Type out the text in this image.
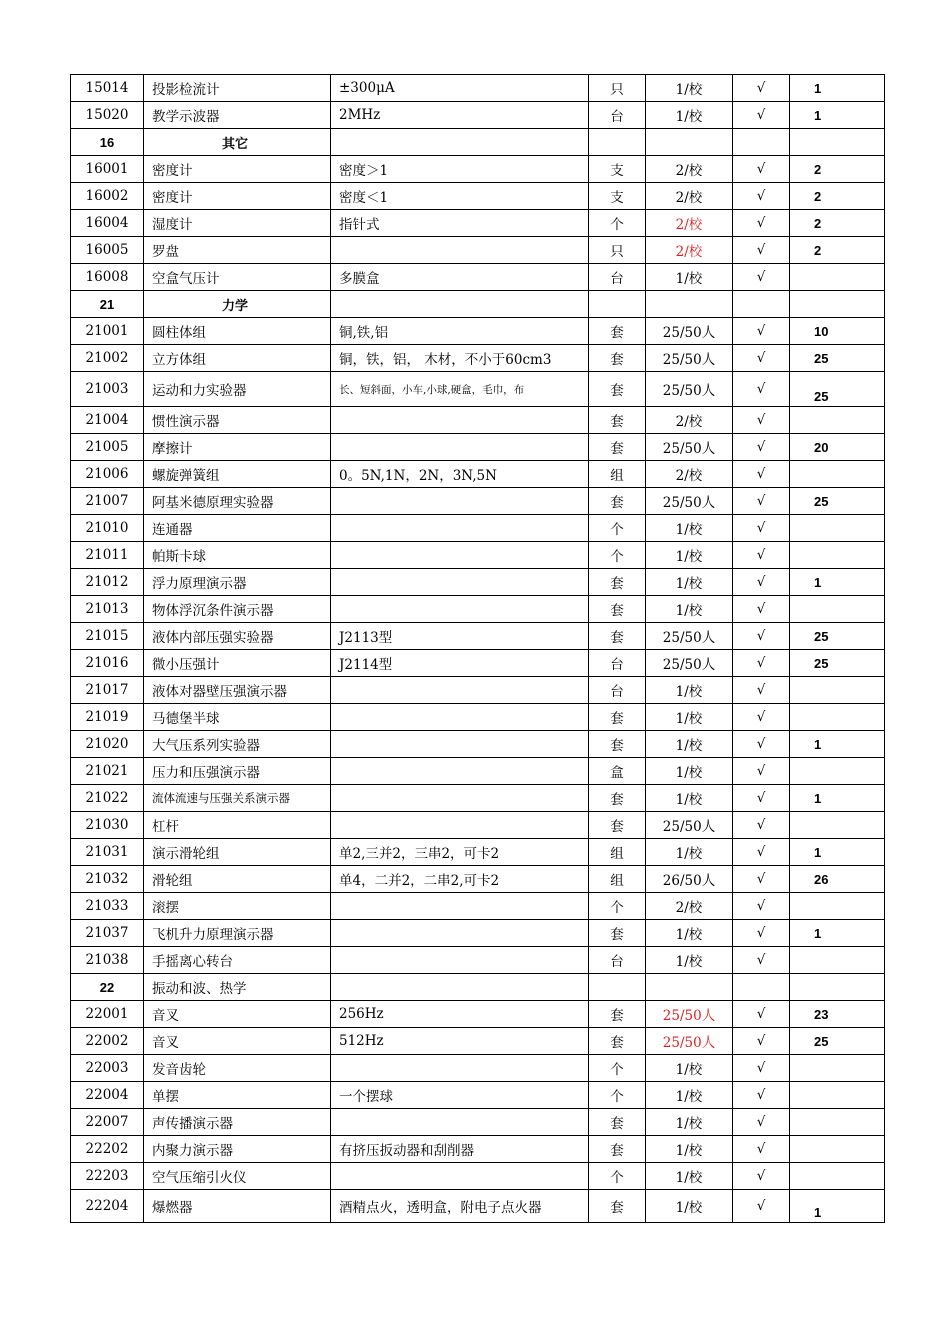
15014	投影检流计	±300μA	只	1/校	√	1
15020	教学示波器	2MHz	台	1/校	√	1
16	其它					
16001	密度计	密度＞1	支	2/校	√	2
16002	密度计	密度＜1	支	2/校	√	2
16004	湿度计	指针式	个	2/校	√	2
16005	罗盘		只	2/校	√	2
16008	空盒气压计	多膜盒	台	1/校	√	
21	力学					
21001	圆柱体组	铜,铁,铝	套	25/50人	√	10
21002	立方体组	铜，铁，铝， 木材，不小于60cm3	套	25/50人	√	25
21003	运动和力实验器	长、短斜面，小车,小球,硬盒，毛巾，布	套	25/50人	√	25
21004	惯性演示器		套	2/校	√	
21005	摩擦计		套	25/50人	√	20
21006	螺旋弹簧组	0。5N,1N，2N，3N,5N	组	2/校	√	
21007	阿基米德原理实验器		套	25/50人	√	25
21010	连通器		个	1/校	√	
21011	帕斯卡球		个	1/校	√	
21012	浮力原理演示器		套	1/校	√	1
21013	物体浮沉条件演示器		套	1/校	√	
21015	液体内部压强实验器	J2113型	套	25/50人	√	25
21016	微小压强计	J2114型	台	25/50人	√	25
21017	液体对器壁压强演示器		台	1/校	√	
21019	马德堡半球		套	1/校	√	
21020	大气压系列实验器		套	1/校	√	1
21021	压力和压强演示器		盒	1/校	√	
21022	流体流速与压强关系演示器		套	1/校	√	1
21030	杠杆		套	25/50人	√	
21031	演示滑轮组	单2,三并2，三串2，可卡2	组	1/校	√	1
21032	滑轮组	单4，二并2，二串2,可卡2	组	26/50人	√	26
21033	滚摆		个	2/校	√	
21037	飞机升力原理演示器		套	1/校	√	1
21038	手摇离心转台		台	1/校	√	
22	振动和波、热学					
22001	音叉	256Hz	套	25/50人	√	23
22002	音叉	512Hz	套	25/50人	√	25
22003	发音齿轮		个	1/校	√	
22004	单摆	一个摆球	个	1/校	√	
22007	声传播演示器		套	1/校	√	
22202	内聚力演示器	有挤压扳动器和刮削器	套	1/校	√	
22203	空气压缩引火仪		个	1/校	√	
22204	爆燃器	酒精点火，透明盒，附电子点火器	套	1/校	√	1
